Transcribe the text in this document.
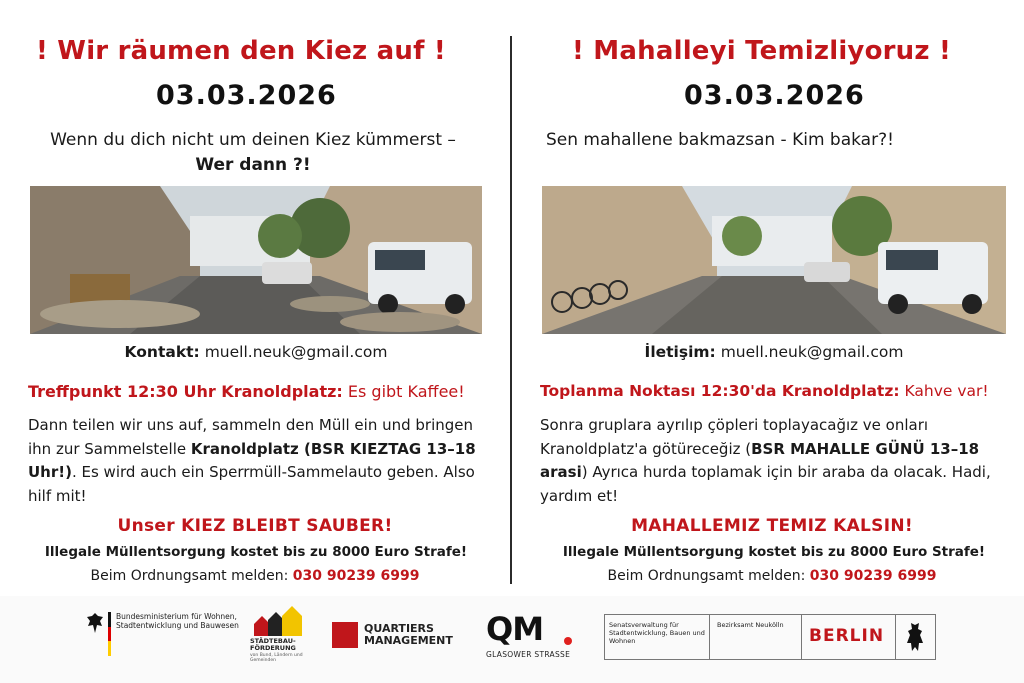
! Wir räumen den Kiez auf !
03.03.2026
Wenn du dich nicht um deinen Kiez kümmerst –
Wer dann ?!
Kontakt: muell.neuk@gmail.com
Treffpunkt 12:30 Uhr Kranoldplatz: Es gibt Kaffee!
Dann teilen wir uns auf, sammeln den Müll ein und bringen ihn zur Sammelstelle Kranoldplatz (BSR KIEZTAG 13–18 Uhr!). Es wird auch ein Sperrmüll-Sammelauto geben. Also hilf mit!
Unser KIEZ BLEIBT SAUBER!
Illegale Müllentsorgung kostet bis zu 8000 Euro Strafe!
Beim Ordnungsamt melden: 030 90239 6999
! Mahalleyi Temizliyoruz !
03.03.2026
Sen mahallene bakmazsan - Kim bakar?!
İletişim: muell.neuk@gmail.com
Toplanma Noktası 12:30'da Kranoldplatz: Kahve var!
Sonra gruplara ayrılıp çöpleri toplayacağız ve onları Kranoldplatz'a götüreceğiz (BSR MAHALLE GÜNÜ 13–18 arasi) Ayrıca hurda toplamak için bir araba da olacak. Hadi, yardım et!
MAHALLEMIZ TEMIZ KALSIN!
Illegale Müllentsorgung kostet bis zu 8000 Euro Strafe!
Beim Ordnungsamt melden: 030 90239 6999
Bundesministerium für Wohnen, Stadtentwicklung und Bauwesen
STÄDTEBAU-FÖRDERUNG
von Bund, Ländern und Gemeinden
QUARTIERS
MANAGEMENT QM
GLASOWER STRASSE
Senatsverwaltung für Stadtentwicklung, Bauen und Wohnen
Bezirksamt Neukölln
BERLIN
